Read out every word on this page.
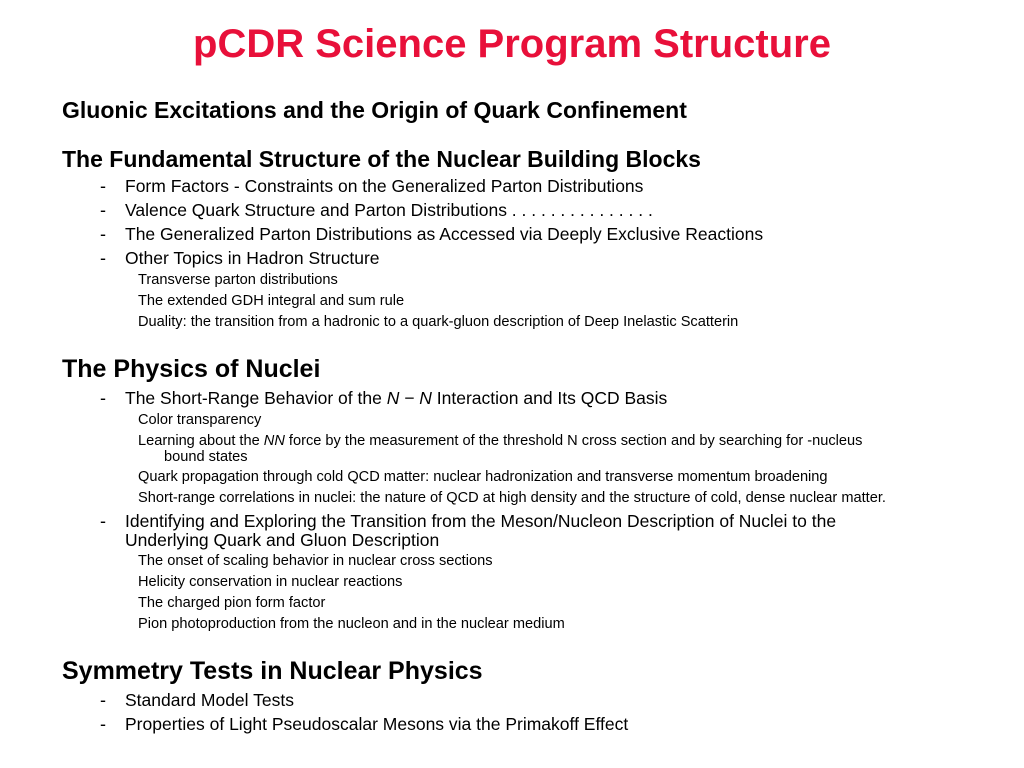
pCDR Science Program Structure
Gluonic Excitations and the Origin of Quark Confinement
The Fundamental Structure of the Nuclear Building Blocks
- Form Factors - Constraints on the Generalized Parton Distributions
- Valence Quark Structure and Parton Distributions . . . . . . . . . . . . . . .
- The Generalized Parton Distributions as Accessed via Deeply Exclusive Reactions
- Other Topics in Hadron Structure
Transverse parton distributions
The extended GDH integral and sum rule
Duality: the transition from a hadronic to a quark-gluon description of Deep Inelastic Scatterin
The Physics of Nuclei
- The Short-Range Behavior of the N − N Interaction and Its QCD Basis
Color transparency
Learning about the NN force by the measurement of the threshold N cross section and by searching for -nucleus
bound states
Quark propagation through cold QCD matter: nuclear hadronization and transverse momentum broadening
Short-range correlations in nuclei: the nature of QCD at high density and the structure of cold, dense nuclear matter.
- Identifying and Exploring the Transition from the Meson/Nucleon Description of Nuclei to the
Underlying Quark and Gluon Description
The onset of scaling behavior in nuclear cross sections
Helicity conservation in nuclear reactions
The charged pion form factor
Pion photoproduction from the nucleon and in the nuclear medium
Symmetry Tests in Nuclear Physics
- Standard Model Tests
- Properties of Light Pseudoscalar Mesons via the Primakoff Effect
